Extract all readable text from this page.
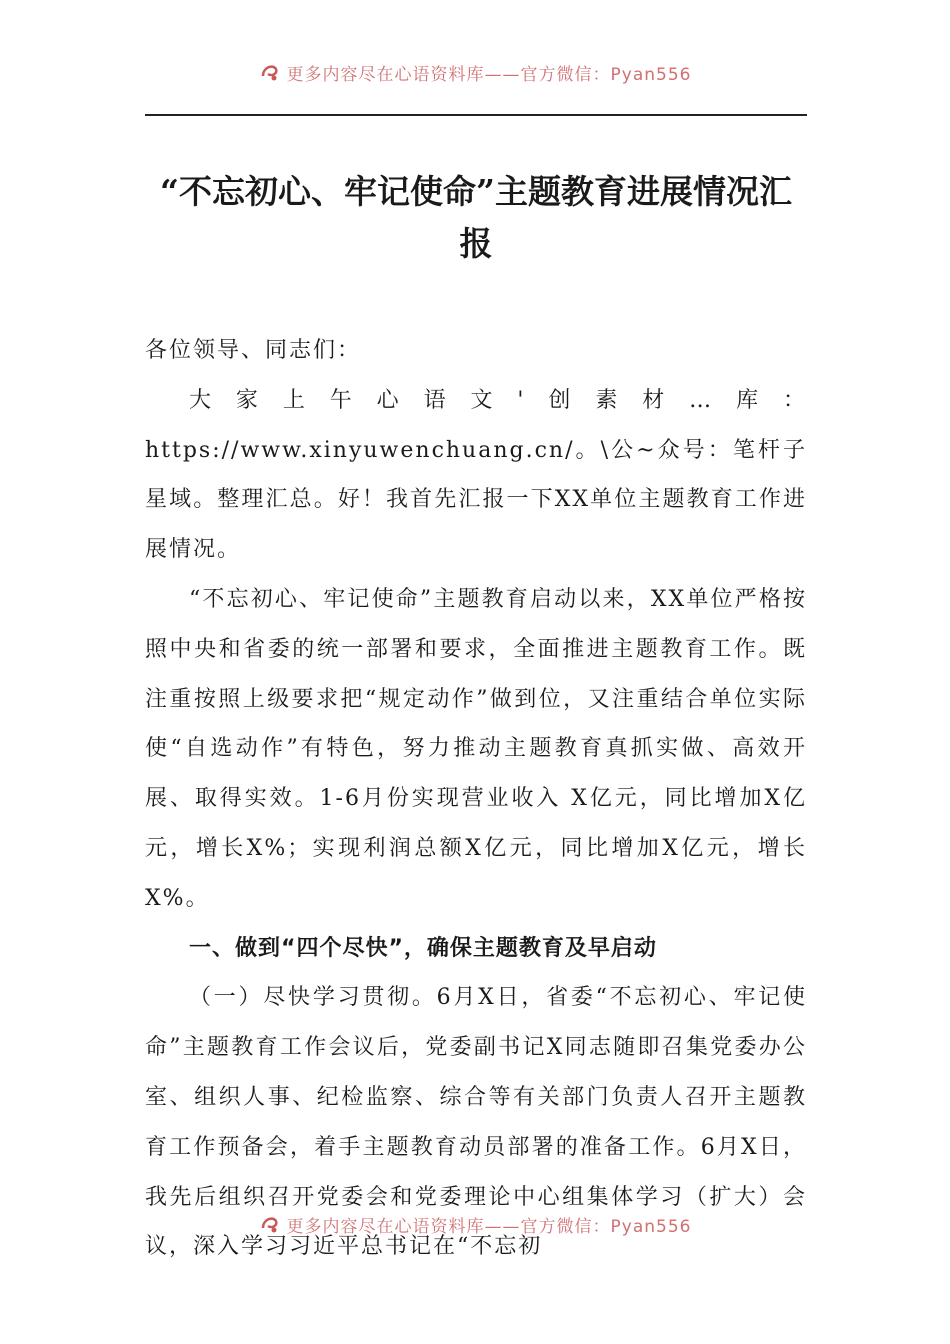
更多内容尽在心语资料库——官方微信：Pyan556
“不忘初心、牢记使命”主题教育进展情况汇报

各位领导、同志们：

大家上午心语文'创素材…库：https://www.xinyuwenchuang.cn/。\公~众号：笔杆子星域。整理汇总。好！我首先汇报一下XX单位主题教育工作进展情况。

“不忘初心、牢记使命”主题教育启动以来，XX单位严格按照中央和省委的统一部署和要求，全面推进主题教育工作。既注重按照上级要求把“规定动作”做到位，又注重结合单位实际使“自选动作”有特色，努力推动主题教育真抓实做、高效开展、取得实效。1-6月份实现营业收入 X亿元，同比增加X亿元，增长X%；实现利润总额X亿元，同比增加X亿元，增长X%。

一、做到“四个尽快”，确保主题教育及早启动

（一）尽快学习贯彻。6月X日，省委“不忘初心、牢记使命”主题教育工作会议后，党委副书记X同志随即召集党委办公室、组织人事、纪检监察、综合等有关部门负责人召开主题教育工作预备会，着手主题教育动员部署的准备工作。6月X日，我先后组织召开党委会和党委理论中心组集体学习（扩大）会议，深入学习习近平总书记在“不忘初

更多内容尽在心语资料库——官方微信：Pyan556
